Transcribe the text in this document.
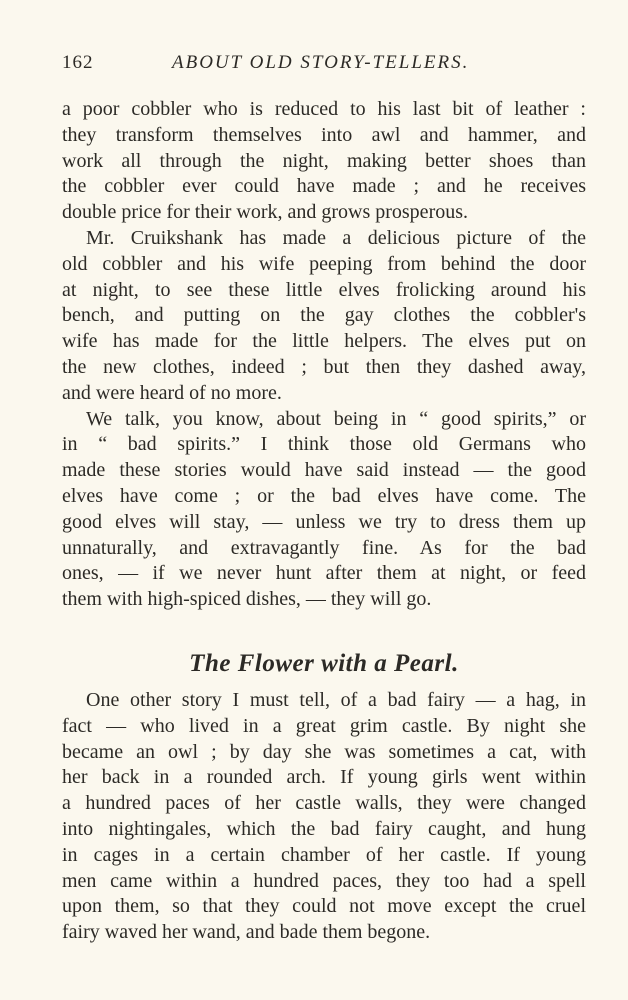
162	ABOUT OLD STORY-TELLERS.
a poor cobbler who is reduced to his last bit of leather :
they transform themselves into awl and hammer, and
work all through the night, making better shoes than
the cobbler ever could have made ; and he receives
double price for their work, and grows prosperous.
Mr. Cruikshank has made a delicious picture of the
old cobbler and his wife peeping from behind the door
at night, to see these little elves frolicking around his
bench, and putting on the gay clothes the cobbler's
wife has made for the little helpers. The elves put on
the new clothes, indeed ; but then they dashed away,
and were heard of no more.
We talk, you know, about being in “ good spirits,” or
in “ bad spirits.” I think those old Germans who
made these stories would have said instead — the good
elves have come ; or the bad elves have come. The
good elves will stay, — unless we try to dress them up
unnaturally, and extravagantly fine. As for the bad
ones, — if we never hunt after them at night, or feed
them with high-spiced dishes, — they will go.
The Flower with a Pearl.
One other story I must tell, of a bad fairy — a hag, in
fact — who lived in a great grim castle. By night she
became an owl ; by day she was sometimes a cat, with
her back in a rounded arch. If young girls went within
a hundred paces of her castle walls, they were changed
into nightingales, which the bad fairy caught, and hung
in cages in a certain chamber of her castle. If young
men came within a hundred paces, they too had a spell
upon them, so that they could not move except the cruel
fairy waved her wand, and bade them begone.
